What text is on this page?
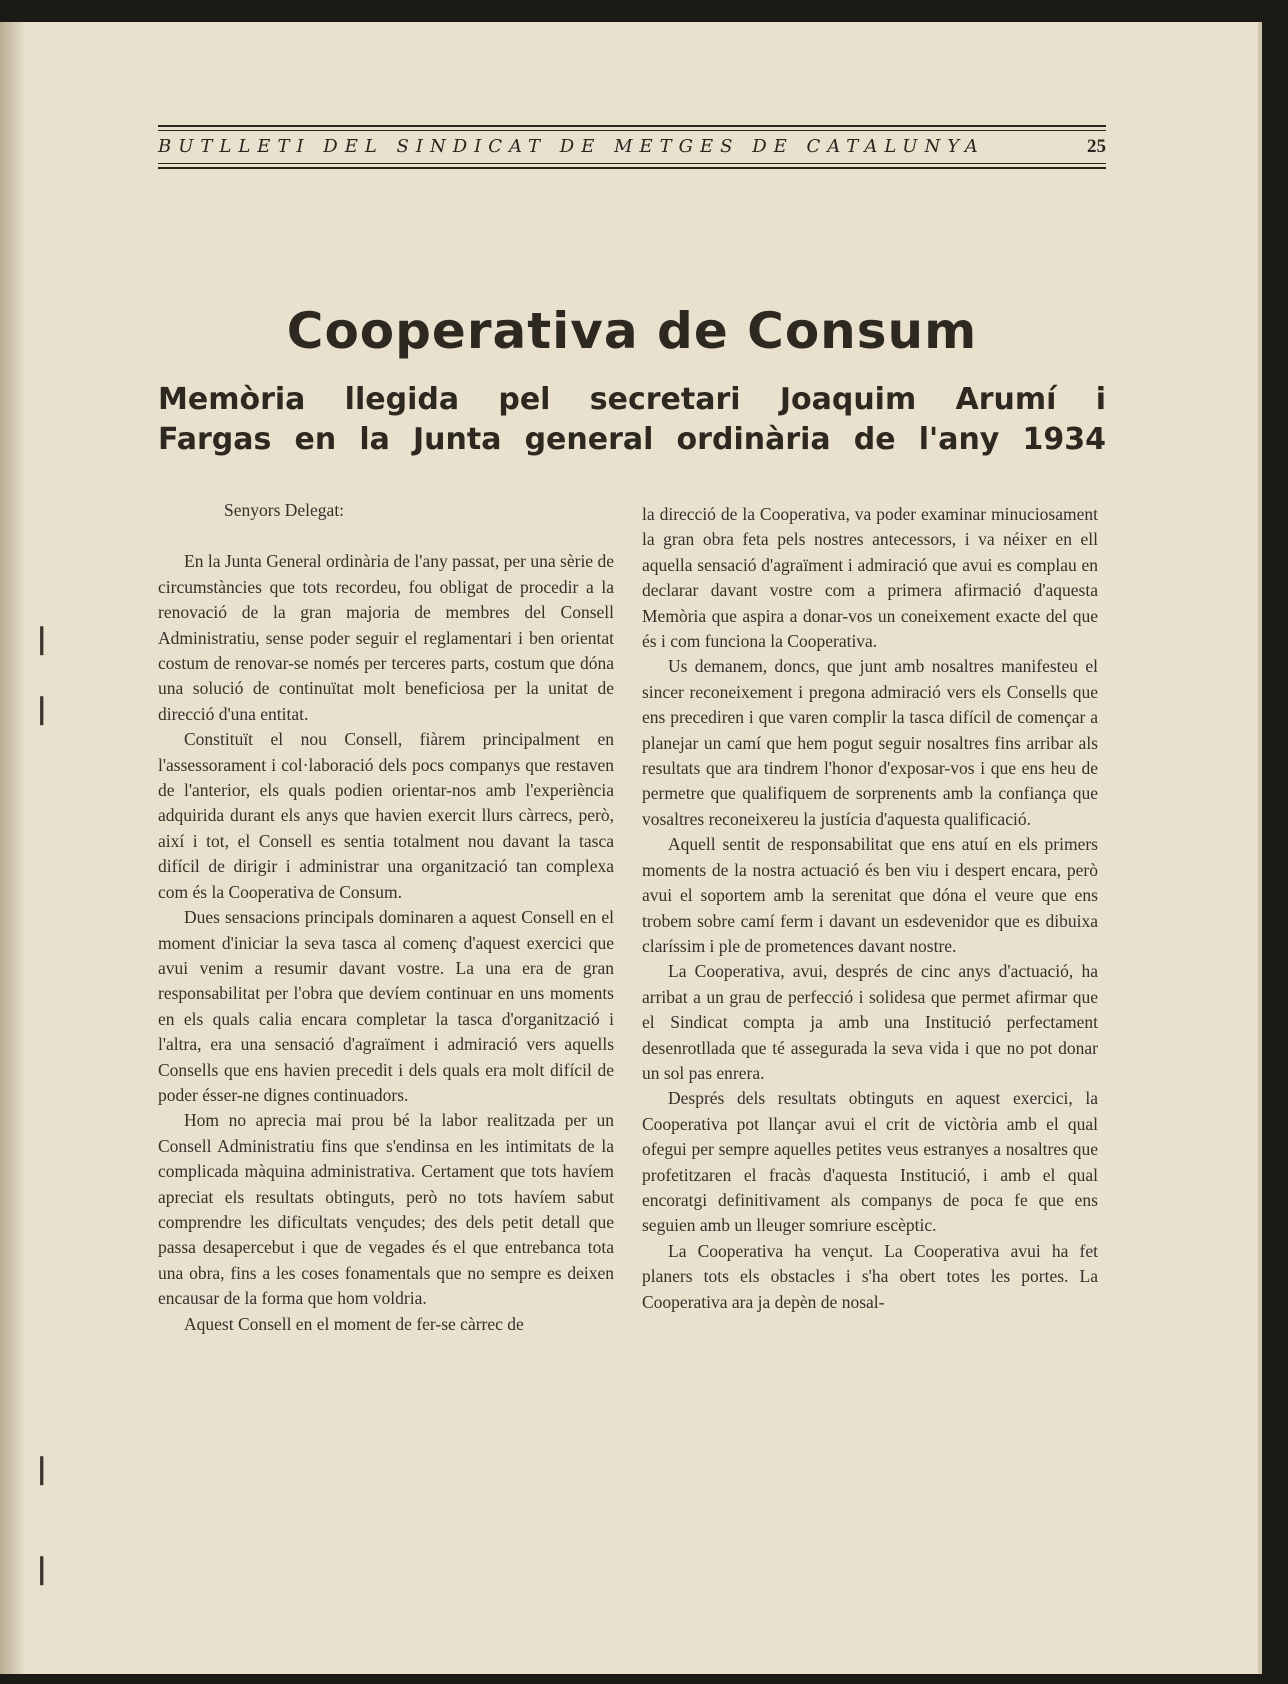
❘
❘
❘
❘
BUTLLETI DEL SINDICAT DE METGES DE CATALUNYA	25
Cooperativa de Consum
Memòria llegida pel secretari Joaquim Arumí i
Fargas en la Junta general ordinària de l'any 1934

Senyors Delegat:

En la Junta General ordinària de l'any passat, per una sèrie de circumstàncies que tots recordeu, fou obligat de procedir a la renovació de la gran majoria de membres del Consell Administratiu, sense poder seguir el reglamentari i ben orientat costum de renovar-se només per terceres parts, costum que dóna una solució de continuïtat molt beneficiosa per la unitat de direcció d'una entitat.

Constituït el nou Consell, fiàrem principalment en l'assessorament i col·laboració dels pocs companys que restaven de l'anterior, els quals podien orientar-nos amb l'experiència adquirida durant els anys que havien exercit llurs càrrecs, però, així i tot, el Consell es sentia totalment nou davant la tasca difícil de dirigir i administrar una organització tan complexa com és la Cooperativa de Consum.

Dues sensacions principals dominaren a aquest Consell en el moment d'iniciar la seva tasca al començ d'aquest exercici que avui venim a resumir davant vostre. La una era de gran responsabilitat per l'obra que devíem continuar en uns moments en els quals calia encara completar la tasca d'organització i l'altra, era una sensació d'agraïment i admiració vers aquells Consells que ens havien precedit i dels quals era molt difícil de poder ésser-ne dignes continuadors.

Hom no aprecia mai prou bé la labor realitzada per un Consell Administratiu fins que s'endinsa en les intimitats de la complicada màquina administrativa. Certament que tots havíem apreciat els resultats obtinguts, però no tots havíem sabut comprendre les dificultats vençudes; des dels petit detall que passa desapercebut i que de vegades és el que entrebanca tota una obra, fins a les coses fonamentals que no sempre es deixen encausar de la forma que hom voldria.

Aquest Consell en el moment de fer-se càrrec de

la direcció de la Cooperativa, va poder examinar minuciosament la gran obra feta pels nostres antecessors, i va néixer en ell aquella sensació d'agraïment i admiració que avui es complau en declarar davant vostre com a primera afirmació d'aquesta Memòria que aspira a donar-vos un coneixement exacte del que és i com funciona la Cooperativa.

Us demanem, doncs, que junt amb nosaltres manifesteu el sincer reconeixement i pregona admiració vers els Consells que ens precediren i que varen complir la tasca difícil de començar a planejar un camí que hem pogut seguir nosaltres fins arribar als resultats que ara tindrem l'honor d'exposar-vos i que ens heu de permetre que qualifiquem de sorprenents amb la confiança que vosaltres reconeixereu la justícia d'aquesta qualificació.

Aquell sentit de responsabilitat que ens atuí en els primers moments de la nostra actuació és ben viu i despert encara, però avui el soportem amb la serenitat que dóna el veure que ens trobem sobre camí ferm i davant un esdevenidor que es dibuixa claríssim i ple de prometences davant nostre.

La Cooperativa, avui, després de cinc anys d'actuació, ha arribat a un grau de perfecció i solidesa que permet afirmar que el Sindicat compta ja amb una Institució perfectament desenrotllada que té assegurada la seva vida i que no pot donar un sol pas enrera.

Després dels resultats obtinguts en aquest exercici, la Cooperativa pot llançar avui el crit de victòria amb el qual ofegui per sempre aquelles petites veus estranyes a nosaltres que profetitzaren el fracàs d'aquesta Institució, i amb el qual encoratgi definitivament als companys de poca fe que ens seguien amb un lleuger somriure escèptic.

La Cooperativa ha vençut. La Cooperativa avui ha fet planers tots els obstacles i s'ha obert totes les portes. La Cooperativa ara ja depèn de nosal-
